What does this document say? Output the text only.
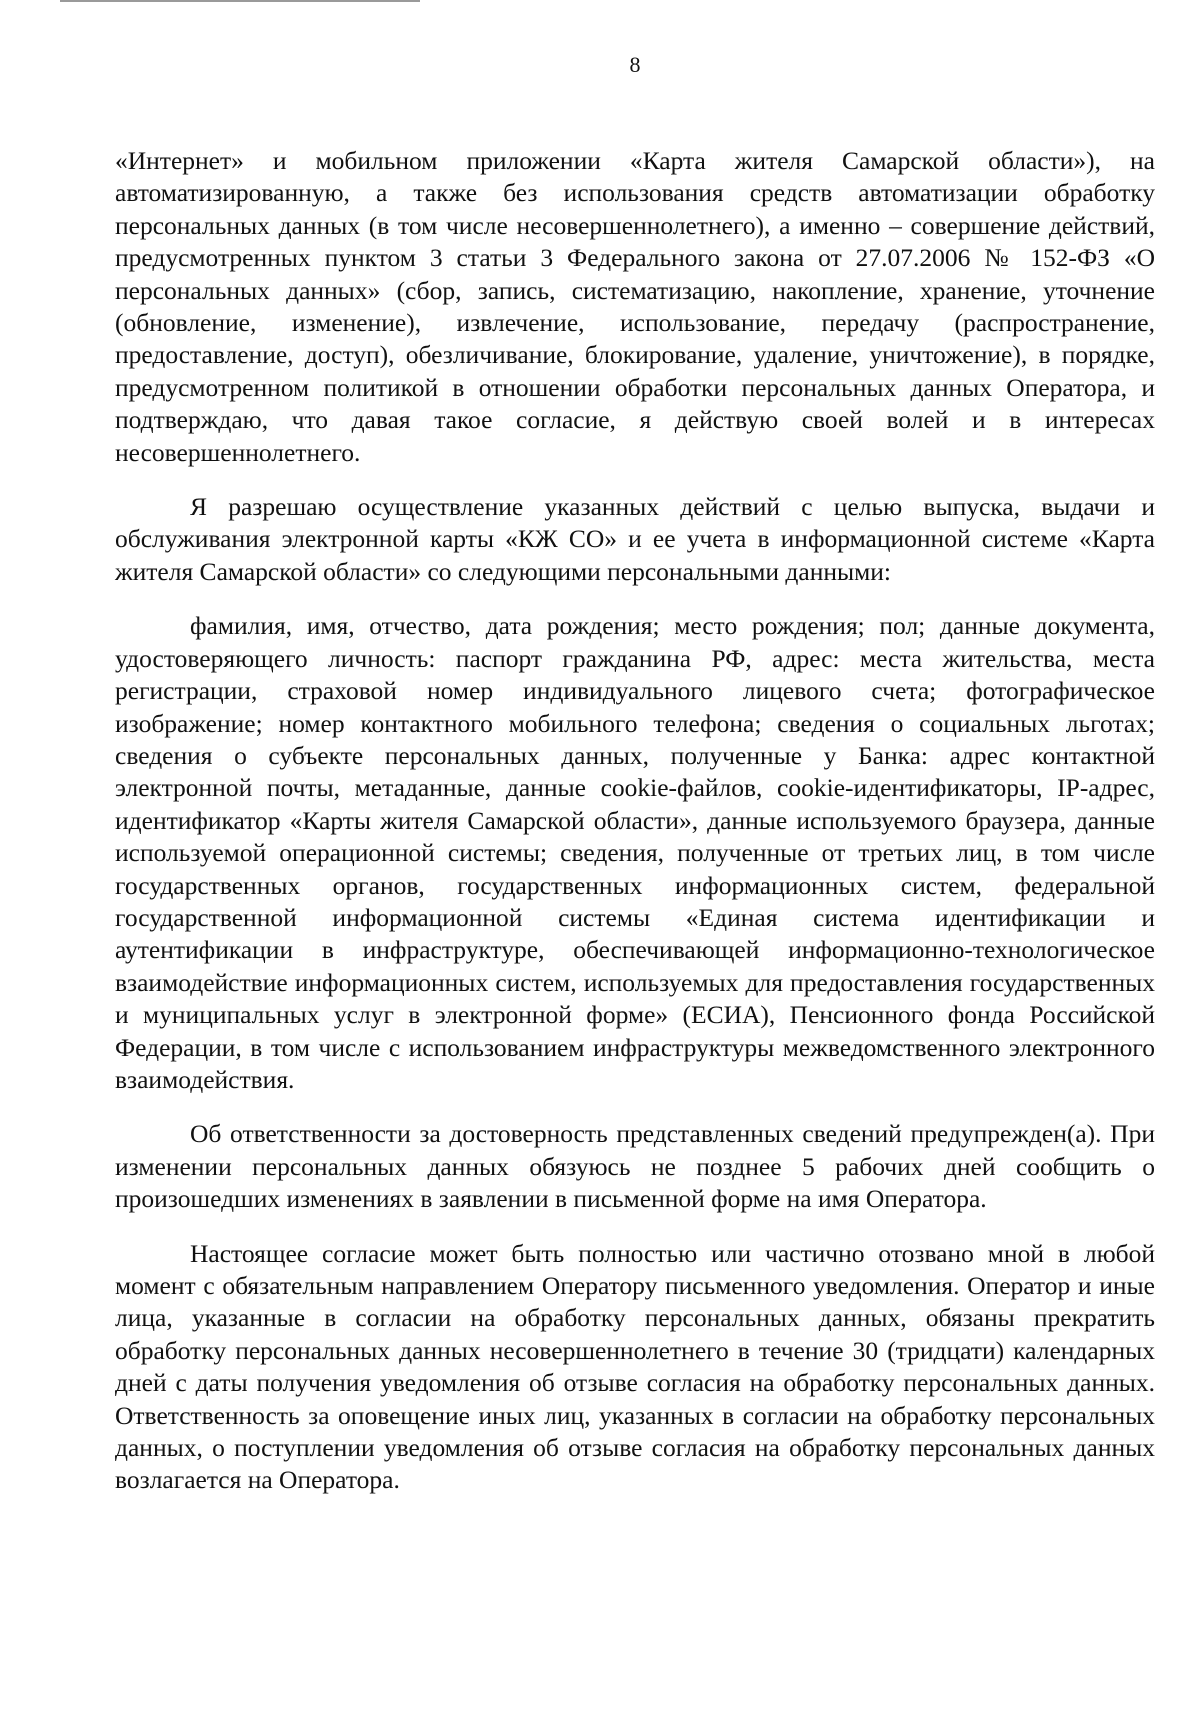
8

«Интернет» и мобильном приложении «Карта жителя Самарской области»), на автоматизированную, а также без использования средств автоматизации обработку персональных данных (в том числе несовершеннолетнего), а именно – совершение действий, предусмотренных пунктом 3 статьи 3 Федерального закона от 27.07.2006 № 152-ФЗ «О персональных данных» (сбор, запись, систематизацию, накопление, хранение, уточнение (обновление, изменение), извлечение, использование, передачу (распространение, предоставление, доступ), обезличивание, блокирование, удаление, уничтожение), в порядке, предусмотренном политикой в отношении обработки персональных данных Оператора, и подтверждаю, что давая такое согласие, я действую своей волей и в интересах несовершеннолетнего.

Я разрешаю осуществление указанных действий с целью выпуска, выдачи и обслуживания электронной карты «КЖ СО» и ее учета в информационной системе «Карта жителя Самарской области» со следующими персональными данными:

фамилия, имя, отчество, дата рождения; место рождения; пол; данные документа, удостоверяющего личность: паспорт гражданина РФ, адрес: места жительства, места регистрации, страховой номер индивидуального лицевого счета; фотографическое изображение; номер контактного мобильного телефона; сведения о социальных льготах; сведения о субъекте персональных данных, полученные у Банка: адрес контактной электронной почты, метаданные, данные cookie-файлов, cookie-идентификаторы, IP-адрес, идентификатор «Карты жителя Самарской области», данные используемого браузера, данные используемой операционной системы; сведения, полученные от третьих лиц, в том числе государственных органов, государственных информационных систем, федеральной государственной информационной системы «Единая система идентификации и аутентификации в инфраструктуре, обеспечивающей информационно-технологическое взаимодействие информационных систем, используемых для предоставления государственных и муниципальных услуг в электронной форме» (ЕСИА), Пенсионного фонда Российской Федерации, в том числе с использованием инфраструктуры межведомственного электронного взаимодействия.

Об ответственности за достоверность представленных сведений предупрежден(а). При изменении персональных данных обязуюсь не позднее 5 рабочих дней сообщить о произошедших изменениях в заявлении в письменной форме на имя Оператора.

Настоящее согласие может быть полностью или частично отозвано мной в любой момент с обязательным направлением Оператору письменного уведомления. Оператор и иные лица, указанные в согласии на обработку персональных данных, обязаны прекратить обработку персональных данных несовершеннолетнего в течение 30 (тридцати) календарных дней с даты получения уведомления об отзыве согласия на обработку персональных данных. Ответственность за оповещение иных лиц, указанных в согласии на обработку персональных данных, о поступлении уведомления об отзыве согласия на обработку персональных данных возлагается на Оператора.
